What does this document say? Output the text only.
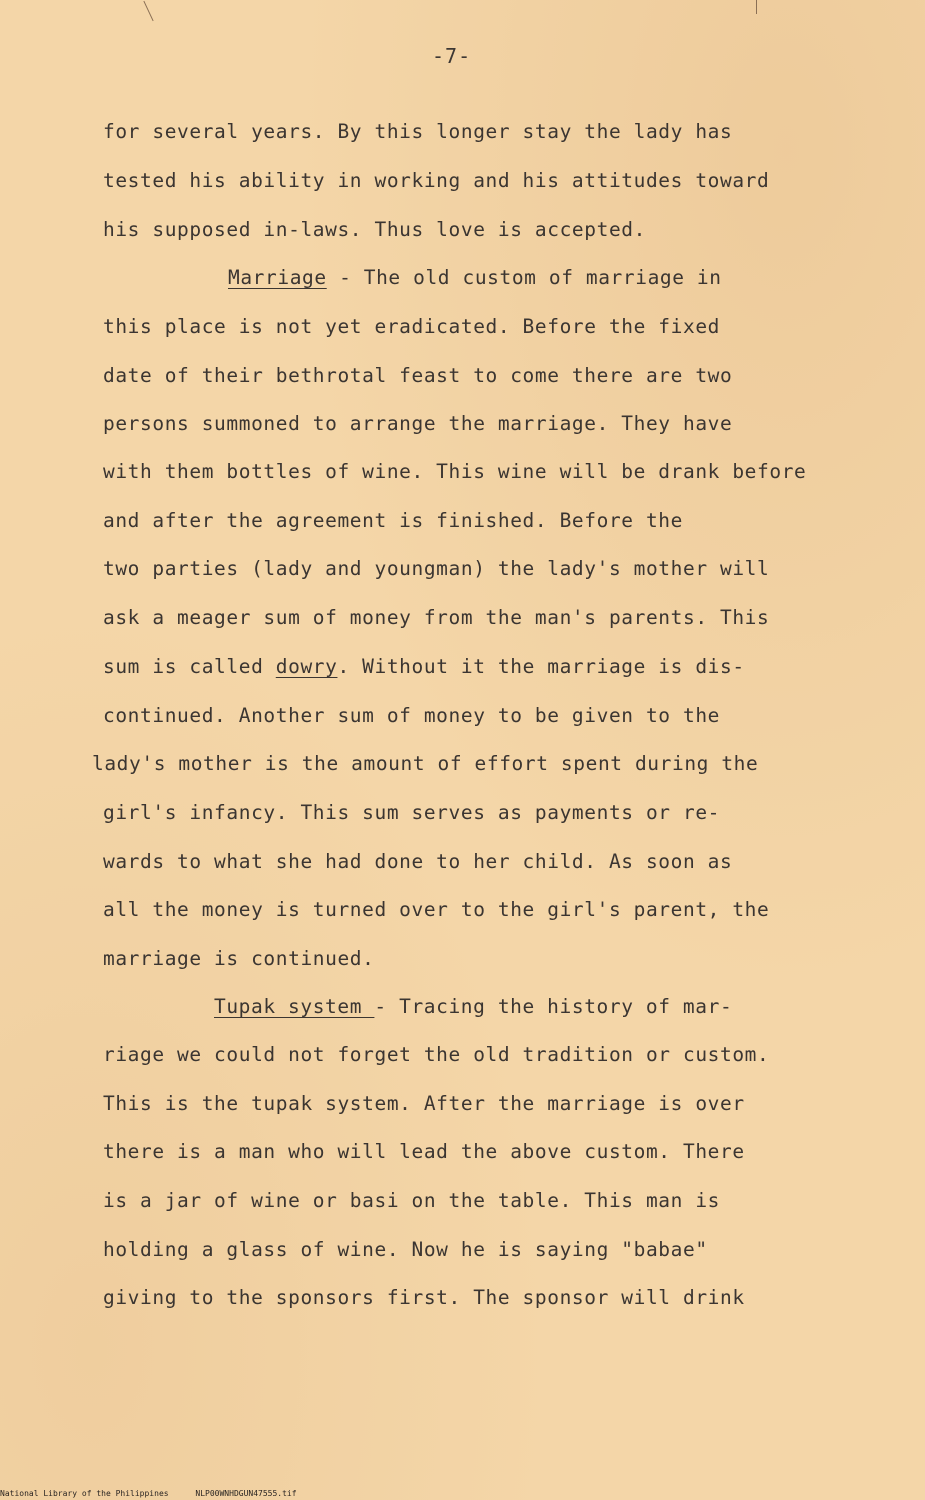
-7-
for several years. By this longer stay the lady has
tested his ability in working and his attitudes toward
his supposed in-laws. Thus love is accepted.
Marriage - The old custom of marriage in
this place is not yet eradicated. Before the fixed
date of their bethrotal feast to come there are two
persons summoned to arrange the marriage. They have
with them bottles of wine. This wine will be drank before
and after the agreement is finished. Before the
two parties (lady and youngman) the lady's mother will
ask a meager sum of money from the man's parents. This
sum is called dowry. Without it the marriage is dis-
continued. Another sum of money to be given to the
lady's mother is the amount of effort spent during the
girl's infancy. This sum serves as payments or re-
wards to what she had done to her child. As soon as
all the money is turned over to the girl's parent, the
marriage is continued.
Tupak system - Tracing the history of mar-
riage we could not forget the old tradition or custom.
This is the tupak system. After the marriage is over
there is a man who will lead the above custom. There
is a jar of wine or basi on the table. This man is
holding a glass of wine. Now he is saying "babae"
giving to the sponsors first. The sponsor will drink
National Library of the Philippines	NLP00WNHDGUN47555.tif
